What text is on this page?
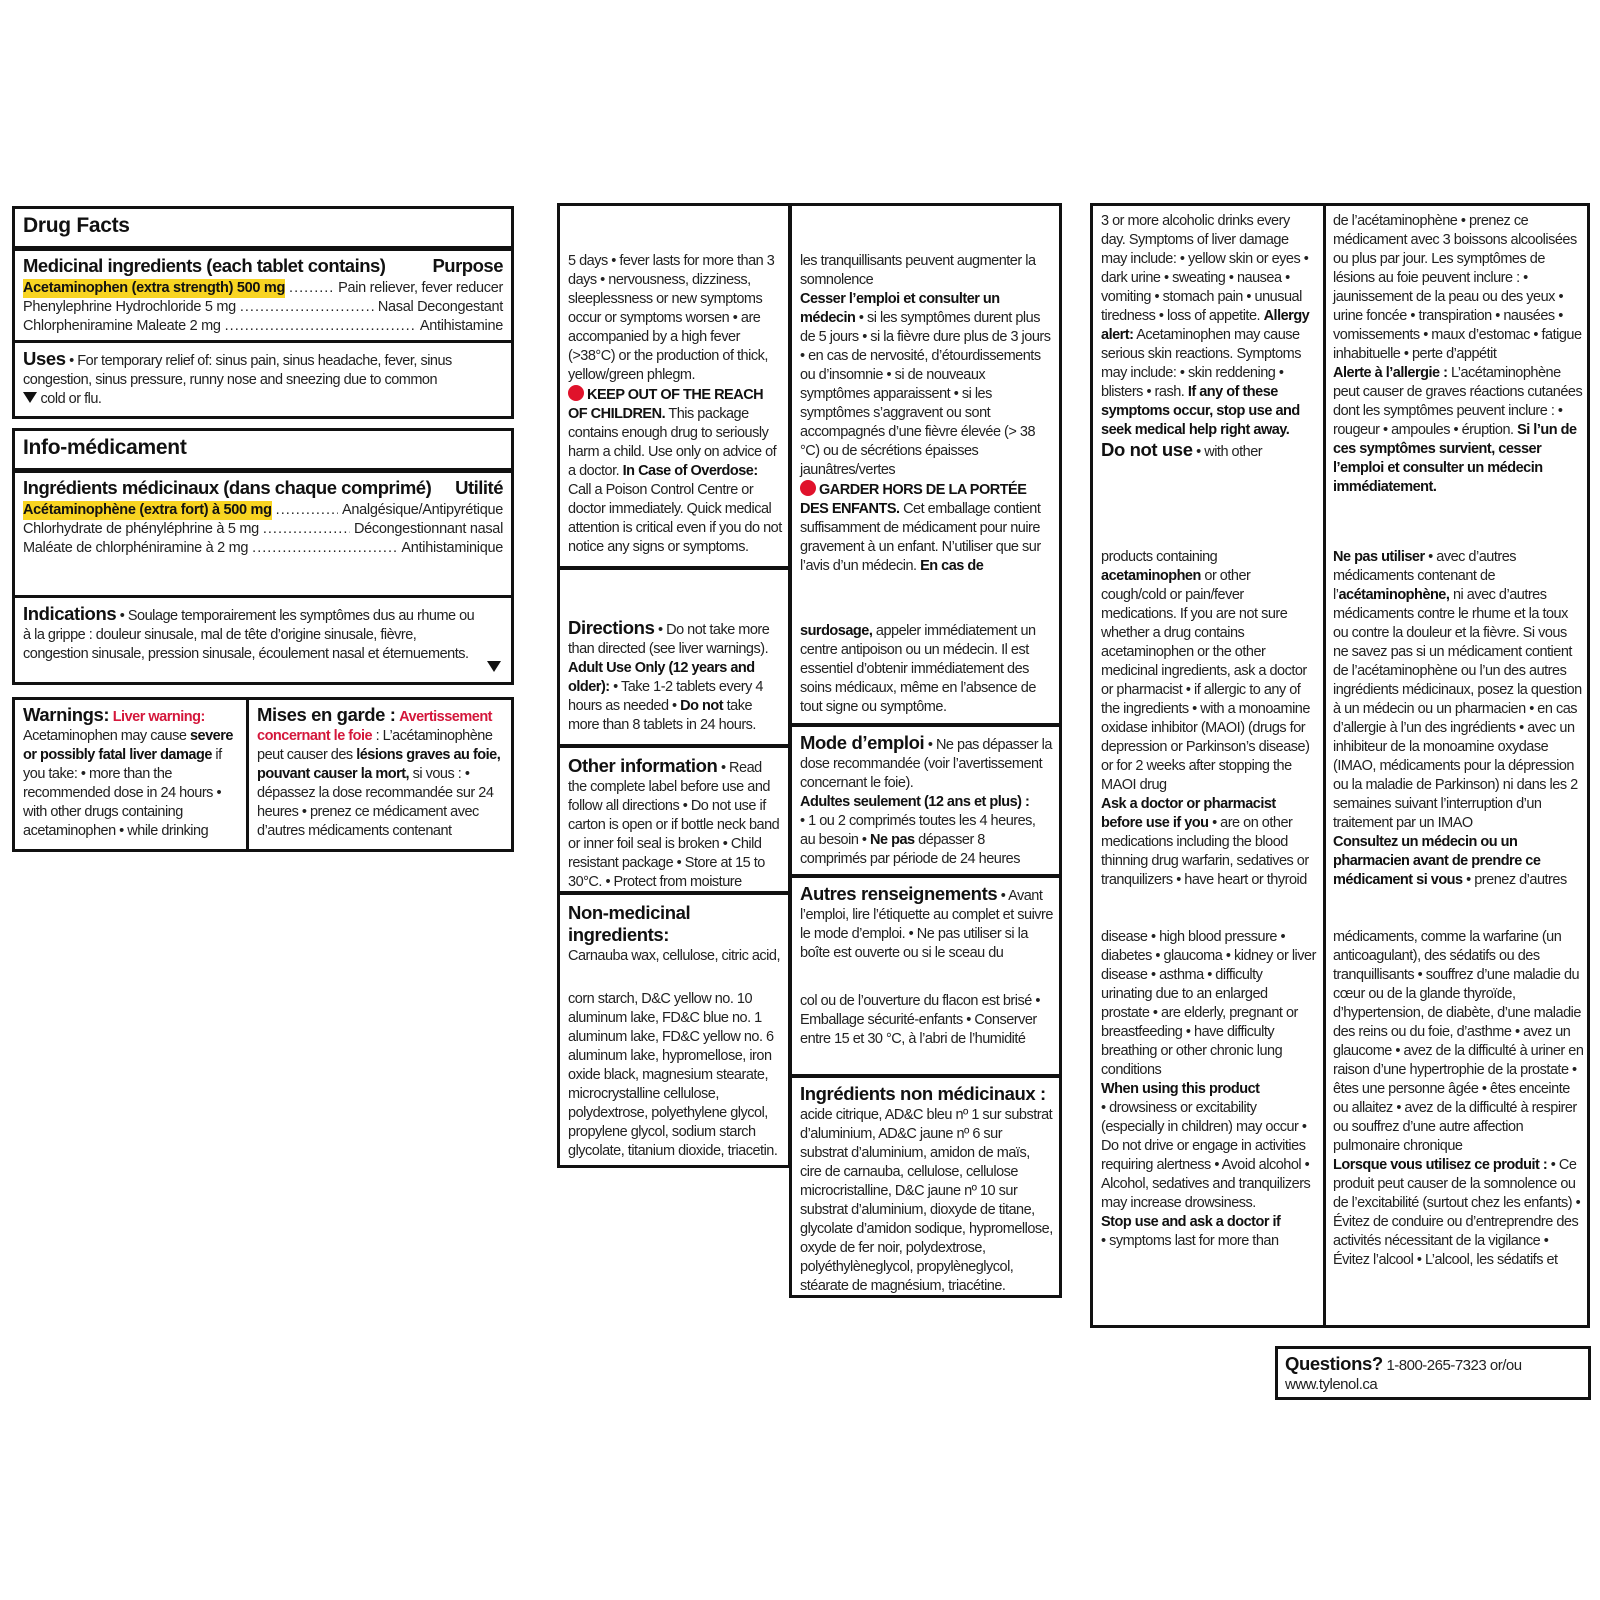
Drug Facts
Medicinal ingredients (each tablet contains)	Purpose
Acetaminophen (extra strength) 500 mg .....	Pain reliever, fever reducer
Phenylephrine Hydrochloride 5 mg .....	Nasal Decongestant
Chlorpheniramine Maleate 2 mg .....	Antihistamine
Uses • For temporary relief of: sinus pain, sinus headache, fever, sinus congestion, sinus pressure, runny nose and sneezing due to common
cold or flu.
Info-médicament
Ingrédients médicinaux (dans chaque comprimé) Utilité
Acétaminophène (extra fort) à 500 mg .....	Analgésique/Antipyrétique
Chlorhydrate de phényléphrine à 5 mg .....	Décongestionnant nasal
Maléate de chlorphéniramine à 2 mg .....	Antihistaminique
Indications • Soulage temporairement les symptômes dus au rhume ou à la grippe : douleur sinusale, mal de tête d’origine sinusale, fièvre, congestion sinusale, pression sinusale, écoulement nasal et éternuements.
Warnings: Liver warning:
Acetaminophen may cause severe or possibly fatal liver damage if you take: • more than the recommended dose in 24 hours • with other drugs containing acetaminophen • while drinking
Mises en garde : Avertissement concernant le foie : L’acétaminophène peut causer des lésions graves au foie, pouvant causer la mort, si vous : • dépassez la dose recommandée sur 24 heures • prenez ce médicament avec d’autres médicaments contenant
5 days • fever lasts for more than 3 days • nervousness, dizziness, sleeplessness or new symptoms occur or symptoms worsen • are accompanied by a high fever (>38°C) or the production of thick, yellow/green phlegm.
KEEP OUT OF THE REACH OF CHILDREN. This package contains enough drug to seriously harm a child. Use only on advice of a doctor. In Case of Overdose: Call a Poison Control Centre or doctor immediately. Quick medical attention is critical even if you do not notice any signs or symptoms.
Directions • Do not take more than directed (see liver warnings).
Adult Use Only (12 years and older): • Take 1-2 tablets every 4 hours as needed • Do not take more than 8 tablets in 24 hours.
Other information • Read the complete label before use and follow all directions • Do not use if carton is open or if bottle neck band or inner foil seal is broken • Child resistant package • Store at 15 to 30°C. • Protect from moisture
Non-medicinal ingredients:
Carnauba wax, cellulose, citric acid,
corn starch, D&C yellow no. 10 aluminum lake, FD&C blue no. 1 aluminum lake, FD&C yellow no. 6 aluminum lake, hypromellose, iron oxide black, magnesium stearate, microcrystalline cellulose, polydextrose, polyethylene glycol, propylene glycol, sodium starch glycolate, titanium dioxide, triacetin.
les tranquillisants peuvent augmenter la somnolence
Cesser l’emploi et consulter un médecin • si les symptômes durent plus de 5 jours • si la fièvre dure plus de 3 jours • en cas de nervosité, d’étourdissements ou d’insomnie • si de nouveaux symptômes apparaissent • si les symptômes s’aggravent ou sont accompagnés d’une fièvre élevée (> 38 °C) ou de sécrétions épaisses jaunâtres/vertes
GARDER HORS DE LA PORTÉE DES ENFANTS. Cet emballage contient suffisamment de médicament pour nuire gravement à un enfant. N’utiliser que sur l’avis d’un médecin. En cas de
surdosage, appeler immédiatement un centre antipoison ou un médecin. Il est essentiel d’obtenir immédiatement des soins médicaux, même en l’absence de tout signe ou symptôme.
Mode d’emploi • Ne pas dépasser la dose recommandée (voir l’avertissement concernant le foie).
Adultes seulement (12 ans et plus) :
• 1 ou 2 comprimés toutes les 4 heures, au besoin • Ne pas dépasser 8 comprimés par période de 24 heures
Autres renseignements • Avant l’emploi, lire l’étiquette au complet et suivre le mode d’emploi. • Ne pas utiliser si la boîte est ouverte ou si le sceau du
col ou de l’ouverture du flacon est brisé • Emballage sécurité-enfants • Conserver entre 15 et 30 °C, à l’abri de l’humidité
Ingrédients non médicinaux : acide citrique, AD&C bleu nº 1 sur substrat d’aluminium, AD&C jaune nº 6 sur substrat d’aluminium, amidon de maïs, cire de carnauba, cellulose, cellulose microcristalline, D&C jaune nº 10 sur substrat d’aluminium, dioxyde de titane, glycolate d’amidon sodique, hypromellose, oxyde de fer noir, polydextrose, polyéthylèneglycol, propylèneglycol, stéarate de magnésium, triacétine.
3 or more alcoholic drinks every day. Symptoms of liver damage may include: • yellow skin or eyes • dark urine • sweating • nausea • vomiting • stomach pain • unusual tiredness • loss of appetite. Allergy alert: Acetaminophen may cause serious skin reactions. Symptoms may include: • skin reddening • blisters • rash. If any of these symptoms occur, stop use and seek medical help right away.
Do not use • with other
products containing acetaminophen or other cough/cold or pain/fever medications. If you are not sure whether a drug contains acetaminophen or the other medicinal ingredients, ask a doctor or pharmacist • if allergic to any of the ingredients • with a monoamine oxidase inhibitor (MAOI) (drugs for depression or Parkinson’s disease) or for 2 weeks after stopping the MAOI drug
Ask a doctor or pharmacist before use if you • are on other medications including the blood thinning drug warfarin, sedatives or tranquilizers • have heart or thyroid
disease • high blood pressure • diabetes • glaucoma • kidney or liver disease • asthma • difficulty urinating due to an enlarged prostate • are elderly, pregnant or breastfeeding • have difficulty breathing or other chronic lung conditions
When using this product
• drowsiness or excitability (especially in children) may occur • Do not drive or engage in activities requiring alertness • Avoid alcohol • Alcohol, sedatives and tranquilizers may increase drowsiness.
Stop use and ask a doctor if
• symptoms last for more than
de l’acétaminophène • prenez ce médicament avec 3 boissons alcoolisées ou plus par jour. Les symptômes de lésions au foie peuvent inclure : • jaunissement de la peau ou des yeux • urine foncée • transpiration • nausées • vomissements • maux d’estomac • fatigue inhabituelle • perte d’appétit
Alerte à l’allergie : L’acétaminophène peut causer de graves réactions cutanées dont les symptômes peuvent inclure : • rougeur • ampoules • éruption. Si l’un de ces symptômes survient, cesser l’emploi et consulter un médecin immédiatement.
Ne pas utiliser • avec d’autres médicaments contenant de l’acétaminophène, ni avec d’autres médicaments contre le rhume et la toux ou contre la douleur et la fièvre. Si vous ne savez pas si un médicament contient de l’acétaminophène ou l’un des autres ingrédients médicinaux, posez la question à un médecin ou un pharmacien • en cas d’allergie à l’un des ingrédients • avec un inhibiteur de la monoamine oxydase (IMAO, médicaments pour la dépression ou la maladie de Parkinson) ni dans les 2 semaines suivant l’interruption d’un traitement par un IMAO
Consultez un médecin ou un pharmacien avant de prendre ce médicament si vous • prenez d’autres
médicaments, comme la warfarine (un anticoagulant), des sédatifs ou des tranquillisants • souffrez d’une maladie du cœur ou de la glande thyroïde, d’hypertension, de diabète, d’une maladie des reins ou du foie, d’asthme • avez un glaucome • avez de la difficulté à uriner en raison d’une hypertrophie de la prostate • êtes une personne âgée • êtes enceinte ou allaitez • avez de la difficulté à respirer ou souffrez d’une autre affection pulmonaire chronique
Lorsque vous utilisez ce produit : • Ce produit peut causer de la somnolence ou de l’excitabilité (surtout chez les enfants) • Évitez de conduire ou d’entreprendre des activités nécessitant de la vigilance • Évitez l’alcool • L’alcool, les sédatifs et
Questions? 1-800-265-7323 or/ou
www.tylenol.ca
